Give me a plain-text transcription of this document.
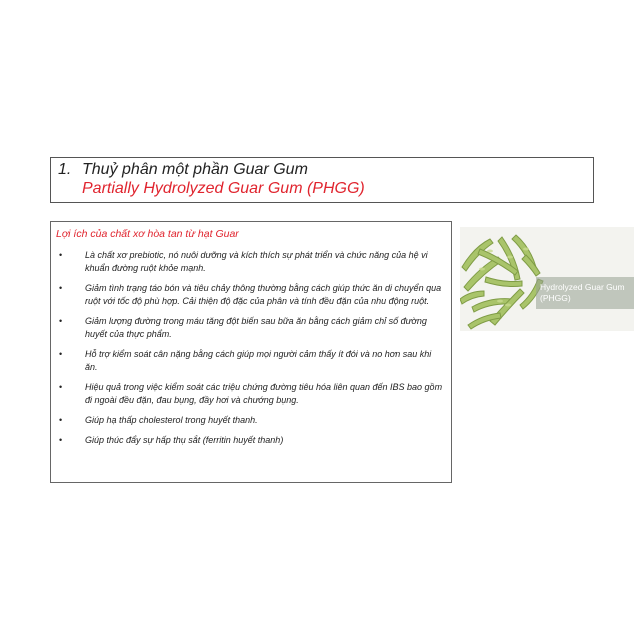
1. Thuỷ phân một phần Guar Gum
Partially Hydrolyzed Guar Gum (PHGG)
Lợi ích của chất xơ hòa tan từ hạt Guar
•	Là chất xơ prebiotic, nó nuôi dưỡng và kích thích sự phát triển và chức năng của hệ vi khuẩn đường ruột khỏe mạnh.
•	Giảm tình trạng táo bón và tiêu chảy thông thường bằng cách giúp thức ăn di chuyển qua ruột với tốc độ phù hợp. Cải thiện độ đặc của phân và tính đều đặn của nhu động ruột.
•	Giảm lượng đường trong máu tăng đột biến sau bữa ăn bằng cách giảm chỉ số đường huyết của thực phẩm.
•	Hỗ trợ kiểm soát cân nặng bằng cách giúp mọi người cảm thấy ít đói và no hơn sau khi ăn.
•	Hiệu quả trong việc kiểm soát các triệu chứng đường tiêu hóa liên quan đến IBS bao gồm đi ngoài đều đặn, đau bụng, đầy hơi và chướng bụng.
•	Giúp hạ thấp cholesterol trong huyết thanh.
•	Giúp thúc đẩy sự hấp thụ sắt (ferritin huyết thanh)
Hydrolyzed Guar Gum (PHGG)
